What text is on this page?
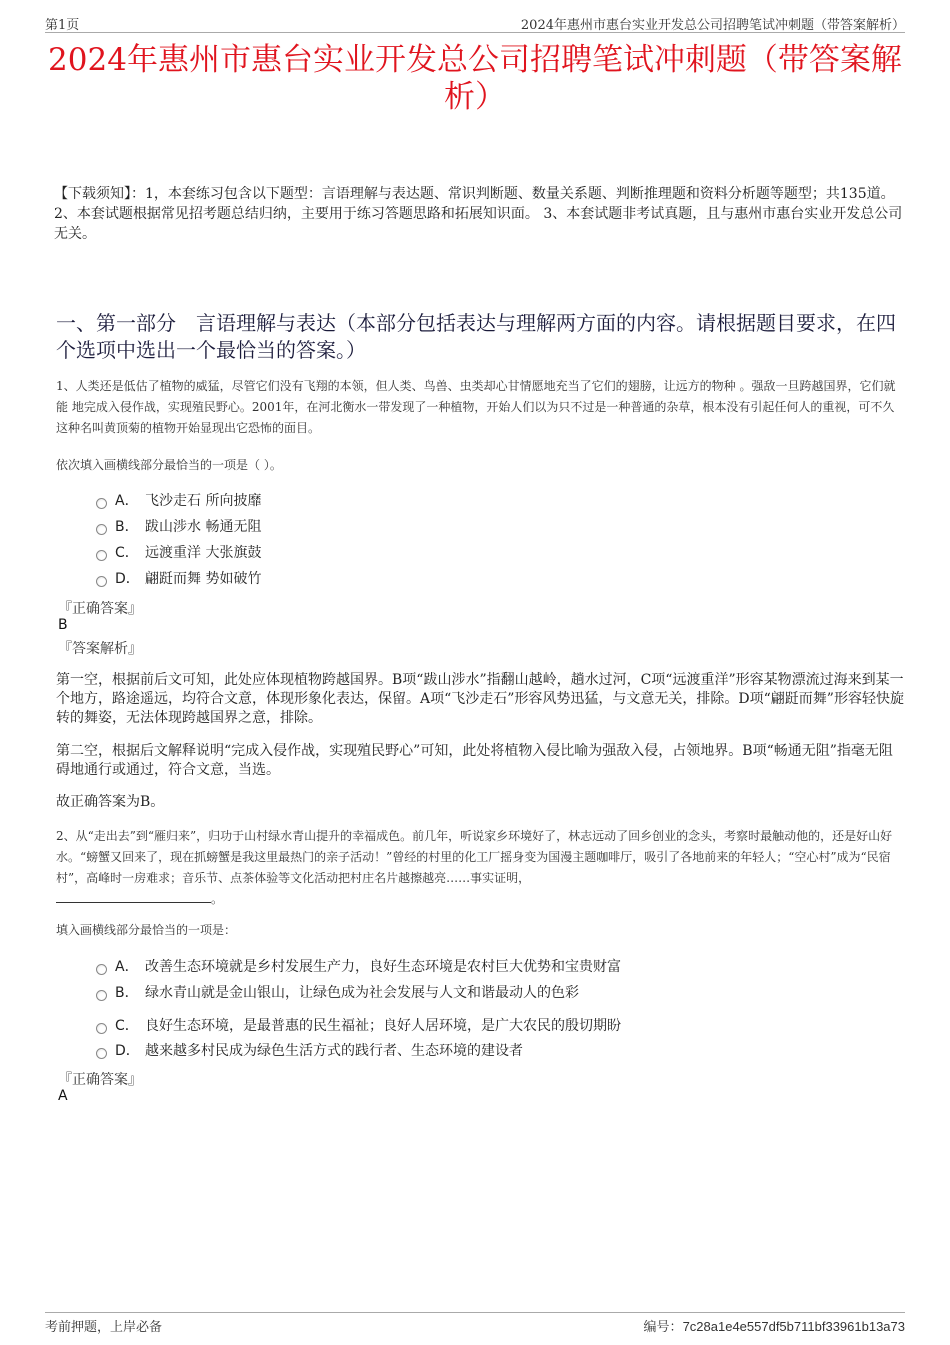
第1页	2024年惠州市惠台实业开发总公司招聘笔试冲刺题（带答案解析）
2024年惠州市惠台实业开发总公司招聘笔试冲刺题（带答案解析）
【下载须知】：1，本套练习包含以下题型：言语理解与表达题、常识判断题、数量关系题、判断推理题和资料分析题等题型；共135道。 2、本套试题根据常见招考题总结归纳，主要用于练习答题思路和拓展知识面。 3、本套试题非考试真题，且与惠州市惠台实业开发总公司无关。
一、第一部分　言语理解与表达（本部分包括表达与理解两方面的内容。请根据题目要求，在四个选项中选出一个最恰当的答案。）
1、人类还是低估了植物的威猛，尽管它们没有飞翔的本领，但人类、鸟兽、虫类却心甘情愿地充当了它们的翅膀，让远方的物种 。强敌一旦跨越国界，它们就能 地完成入侵作战，实现殖民野心。2001年，在河北衡水一带发现了一种植物，开始人们以为只不过是一种普通的杂草，根本没有引起任何人的重视，可不久这种名叫黄顶菊的植物开始显现出它恐怖的面目。
依次填入画横线部分最恰当的一项是（ ）。
A． 飞沙走石 所向披靡
B． 跋山涉水 畅通无阻
C． 远渡重洋 大张旗鼓
D． 翩跹而舞 势如破竹
『正确答案』
B
『答案解析』
第一空，根据前后文可知，此处应体现植物跨越国界。B项“跋山涉水”指翻山越岭，趟水过河，C项“远渡重洋”形容某物漂流过海来到某一个地方，路途遥远，均符合文意，体现形象化表达，保留。A项“飞沙走石”形容风势迅猛，与文意无关，排除。D项“翩跹而舞”形容轻快旋转的舞姿，无法体现跨越国界之意，排除。
第二空，根据后文解释说明“完成入侵作战，实现殖民野心”可知，此处将植物入侵比喻为强敌入侵，占领地界。B项“畅通无阻”指毫无阻碍地通行或通过，符合文意，当选。
故正确答案为B。
2、从“走出去”到“雁归来”，归功于山村绿水青山提升的幸福成色。前几年，听说家乡环境好了，林志远动了回乡创业的念头，考察时最触动他的，还是好山好水。“螃蟹又回来了，现在抓螃蟹是我这里最热门的亲子活动！”曾经的村里的化工厂摇身变为国漫主题咖啡厅，吸引了各地前来的年轻人；“空心村”成为“民宿村”，高峰时一房难求；音乐节、点茶体验等文化活动把村庄名片越擦越亮……事实证明，
。
填入画横线部分最恰当的一项是：
A． 改善生态环境就是乡村发展生产力，良好生态环境是农村巨大优势和宝贵财富
B． 绿水青山就是金山银山，让绿色成为社会发展与人文和谐最动人的色彩
C． 良好生态环境，是最普惠的民生福祉；良好人居环境，是广大农民的殷切期盼
D． 越来越多村民成为绿色生活方式的践行者、生态环境的建设者
『正确答案』
A
考前押题，上岸必备	编号：7c28a1e4e557df5b711bf33961b13a73
